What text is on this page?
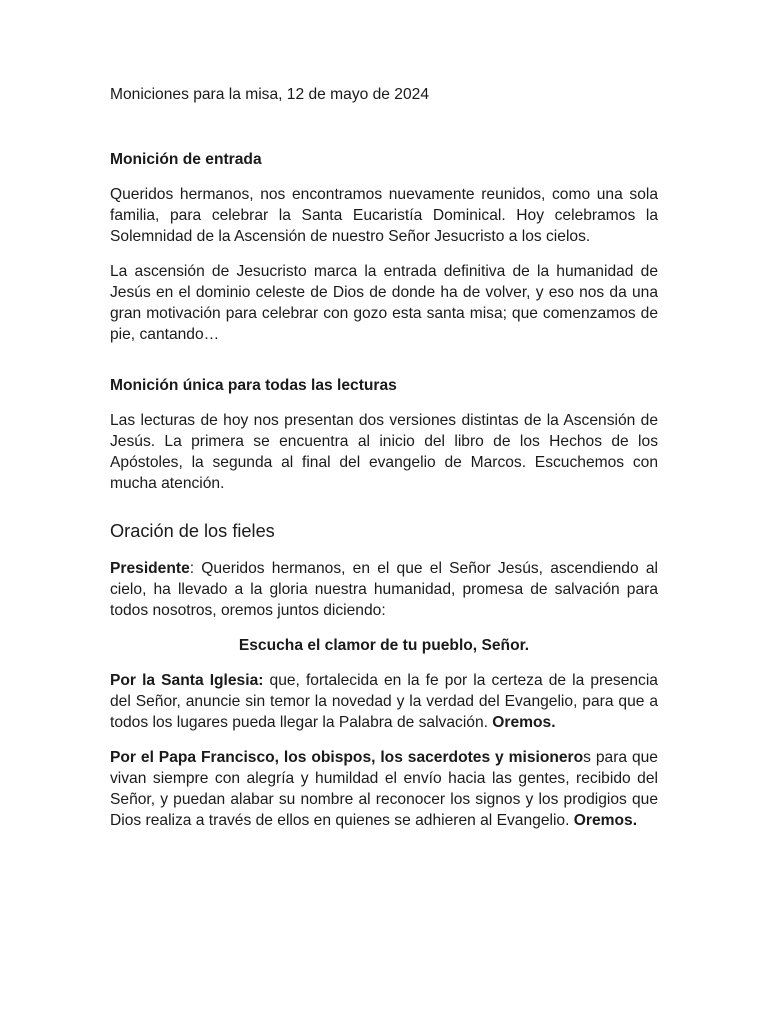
Moniciones para la misa, 12 de mayo de 2024

Monición de entrada

Queridos hermanos, nos encontramos nuevamente reunidos, como una sola familia, para celebrar la Santa Eucaristía Dominical. Hoy celebramos la Solemnidad de la Ascensión de nuestro Señor Jesucristo a los cielos.

La ascensión de Jesucristo marca la entrada definitiva de la humanidad de Jesús en el dominio celeste de Dios de donde ha de volver, y eso nos da una gran motivación para celebrar con gozo esta santa misa; que comenzamos de pie, cantando…

Monición única para todas las lecturas

Las lecturas de hoy nos presentan dos versiones distintas de la Ascensión de Jesús. La primera se encuentra al inicio del libro de los Hechos de los Apóstoles, la segunda al final del evangelio de Marcos. Escuchemos con mucha atención.

Oración de los fieles

Presidente: Queridos hermanos, en el que el Señor Jesús, ascendiendo al cielo, ha llevado a la gloria nuestra humanidad, promesa de salvación para todos nosotros, oremos juntos diciendo:

Escucha el clamor de tu pueblo, Señor.

Por la Santa Iglesia: que, fortalecida en la fe por la certeza de la presencia del Señor, anuncie sin temor la novedad y la verdad del Evangelio, para que a todos los lugares pueda llegar la Palabra de salvación. Oremos.

Por el Papa Francisco, los obispos, los sacerdotes y misioneros para que vivan siempre con alegría y humildad el envío hacia las gentes, recibido del Señor, y puedan alabar su nombre al reconocer los signos y los prodigios que Dios realiza a través de ellos en quienes se adhieren al Evangelio. Oremos.
